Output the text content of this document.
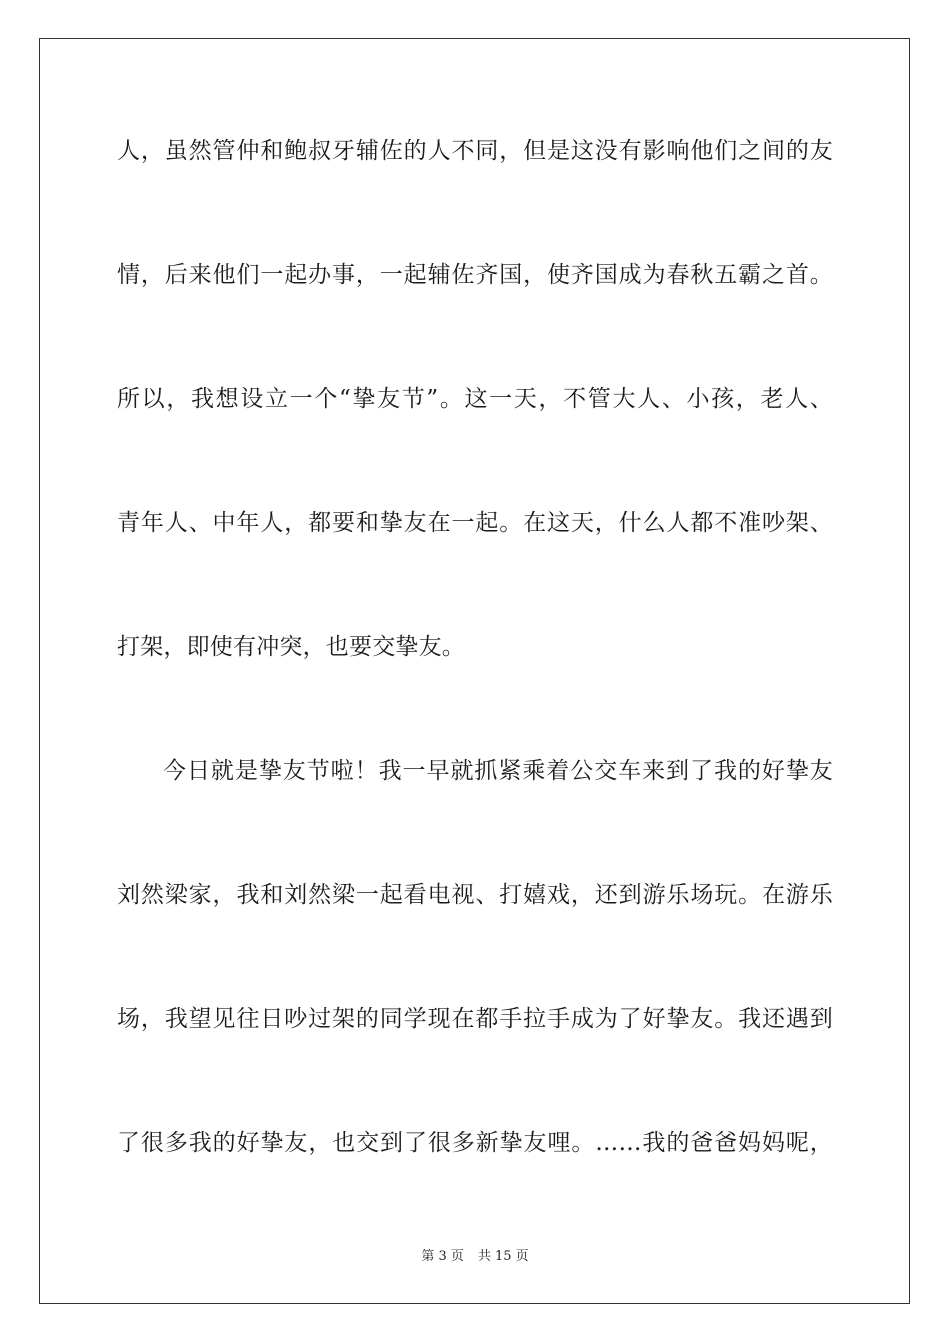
人，虽然管仲和鲍叔牙辅佐的人不同，但是这没有影响他们之间的友
情，后来他们一起办事，一起辅佐齐国，使齐国成为春秋五霸之首。
所以，我想设立一个“挚友节”。这一天，不管大人、小孩，老人、
青年人、中年人，都要和挚友在一起。在这天，什么人都不准吵架、
打架，即使有冲突，也要交挚友。
今日就是挚友节啦！我一早就抓紧乘着公交车来到了我的好挚友
刘然梁家，我和刘然梁一起看电视、打嬉戏，还到游乐场玩。在游乐
场，我望见往日吵过架的同学现在都手拉手成为了好挚友。我还遇到
了很多我的好挚友，也交到了很多新挚友哩。……我的爸爸妈妈呢，
第 3 页 共 15 页
